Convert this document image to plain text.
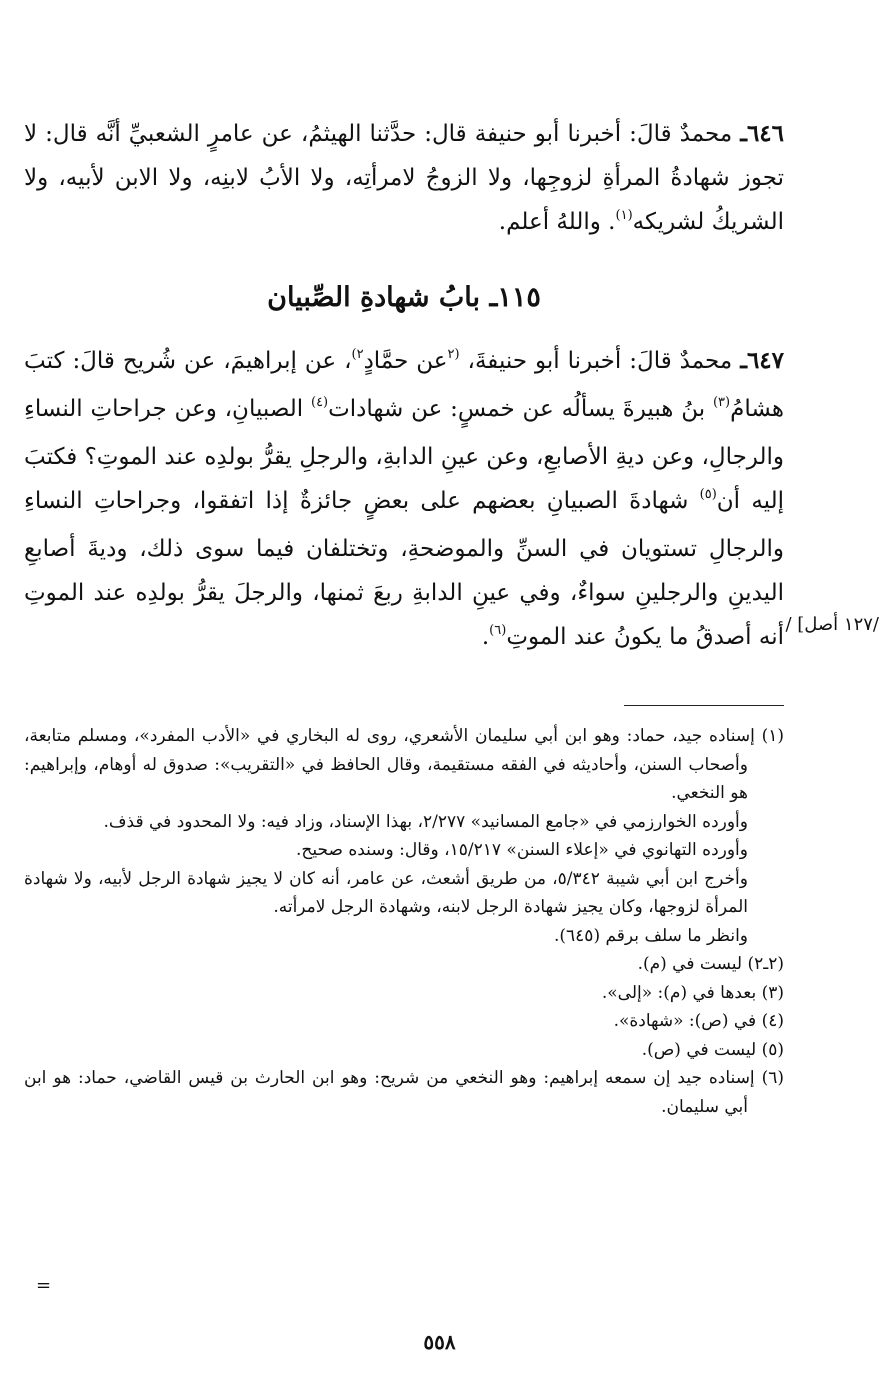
٦٤٦ـ محمدٌ قالَ: أخبرنا أبو حنيفة قال: حدَّثنا الهيثمُ، عن عامرٍ الشعبيِّ أنَّه قال: لا تجوز شهادةُ المرأةِ لزوجِها، ولا الزوجُ لامرأتِه، ولا الأبُ لابنِه، ولا الابن لأبيه، ولا الشريكُ لشريكه$^{(١)}$. واللهُ أعلم.

١١٥ـ بابُ شهادةِ الصِّبيان

٦٤٧ـ محمدٌ قالَ: أخبرنا أبو حنيفةَ، $^{(٢}$عن حمَّادٍ$^{٢)}$، عن إبراهيمَ، عن شُريح قالَ: كتبَ هشامُ$^{(٣)}$ بنُ هبيرةَ يسألُه عن خمسٍ: عن شهادات$^{(٤)}$ الصبيانِ، وعن جراحاتِ النساءِ والرجالِ، وعن ديةِ الأصابعِ، وعن عينِ الدابةِ، والرجلِ يقرُّ بولدِه عند الموتِ؟ فكتبَ إليه أن$^{(٥)}$ شهادةَ الصبيانِ بعضهم على بعضٍ جائزةٌ إذا اتفقوا، وجراحاتِ النساءِ والرجالِ تستويان في السنِّ والموضحةِ، وتختلفان فيما سوى ذلك، وديةَ أصابعِ اليدينِ والرجلينِ سواءٌ، وفي عينِ الدابةِ ربعَ ثمنها، والرجلَ يقرُّ بولدِه عند الموتِ أنه أصدقُ ما يكونُ عند الموتِ$^{(٦)}$.	/١٢٧ أصل] /

(١) إسناده جيد، حماد: وهو ابن أبي سليمان الأشعري، روى له البخاري في «الأدب المفرد»، ومسلم متابعة، وأصحاب السنن، وأحاديثه في الفقه مستقيمة، وقال الحافظ في «التقريب»: صدوق له أوهام، وإبراهيم: هو النخعي.

وأورده الخوارزمي في «جامع المسانيد» ٢/٢٧٧، بهذا الإسناد، وزاد فيه: ولا المحدود في قذف.

وأورده التهانوي في «إعلاء السنن» ١٥/٢١٧، وقال: وسنده صحيح.

وأخرج ابن أبي شيبة ٥/٣٤٢، من طريق أشعث، عن عامر، أنه كان لا يجيز شهادة الرجل لأبيه، ولا شهادة المرأة لزوجها، وكان يجيز شهادة الرجل لابنه، وشهادة الرجل لامرأته.

وانظر ما سلف برقم (٦٤٥).

(٢ـ٢) ليست في (م).

(٣) بعدها في (م): «إلى».

(٤) في (ص): «شهادة».

(٥) ليست في (ص).

(٦) إسناده جيد إن سمعه إبراهيم: وهو النخعي من شريح: وهو ابن الحارث بن قيس القاضي، حماد: هو ابن أبي سليمان.

=
٥٥٨
